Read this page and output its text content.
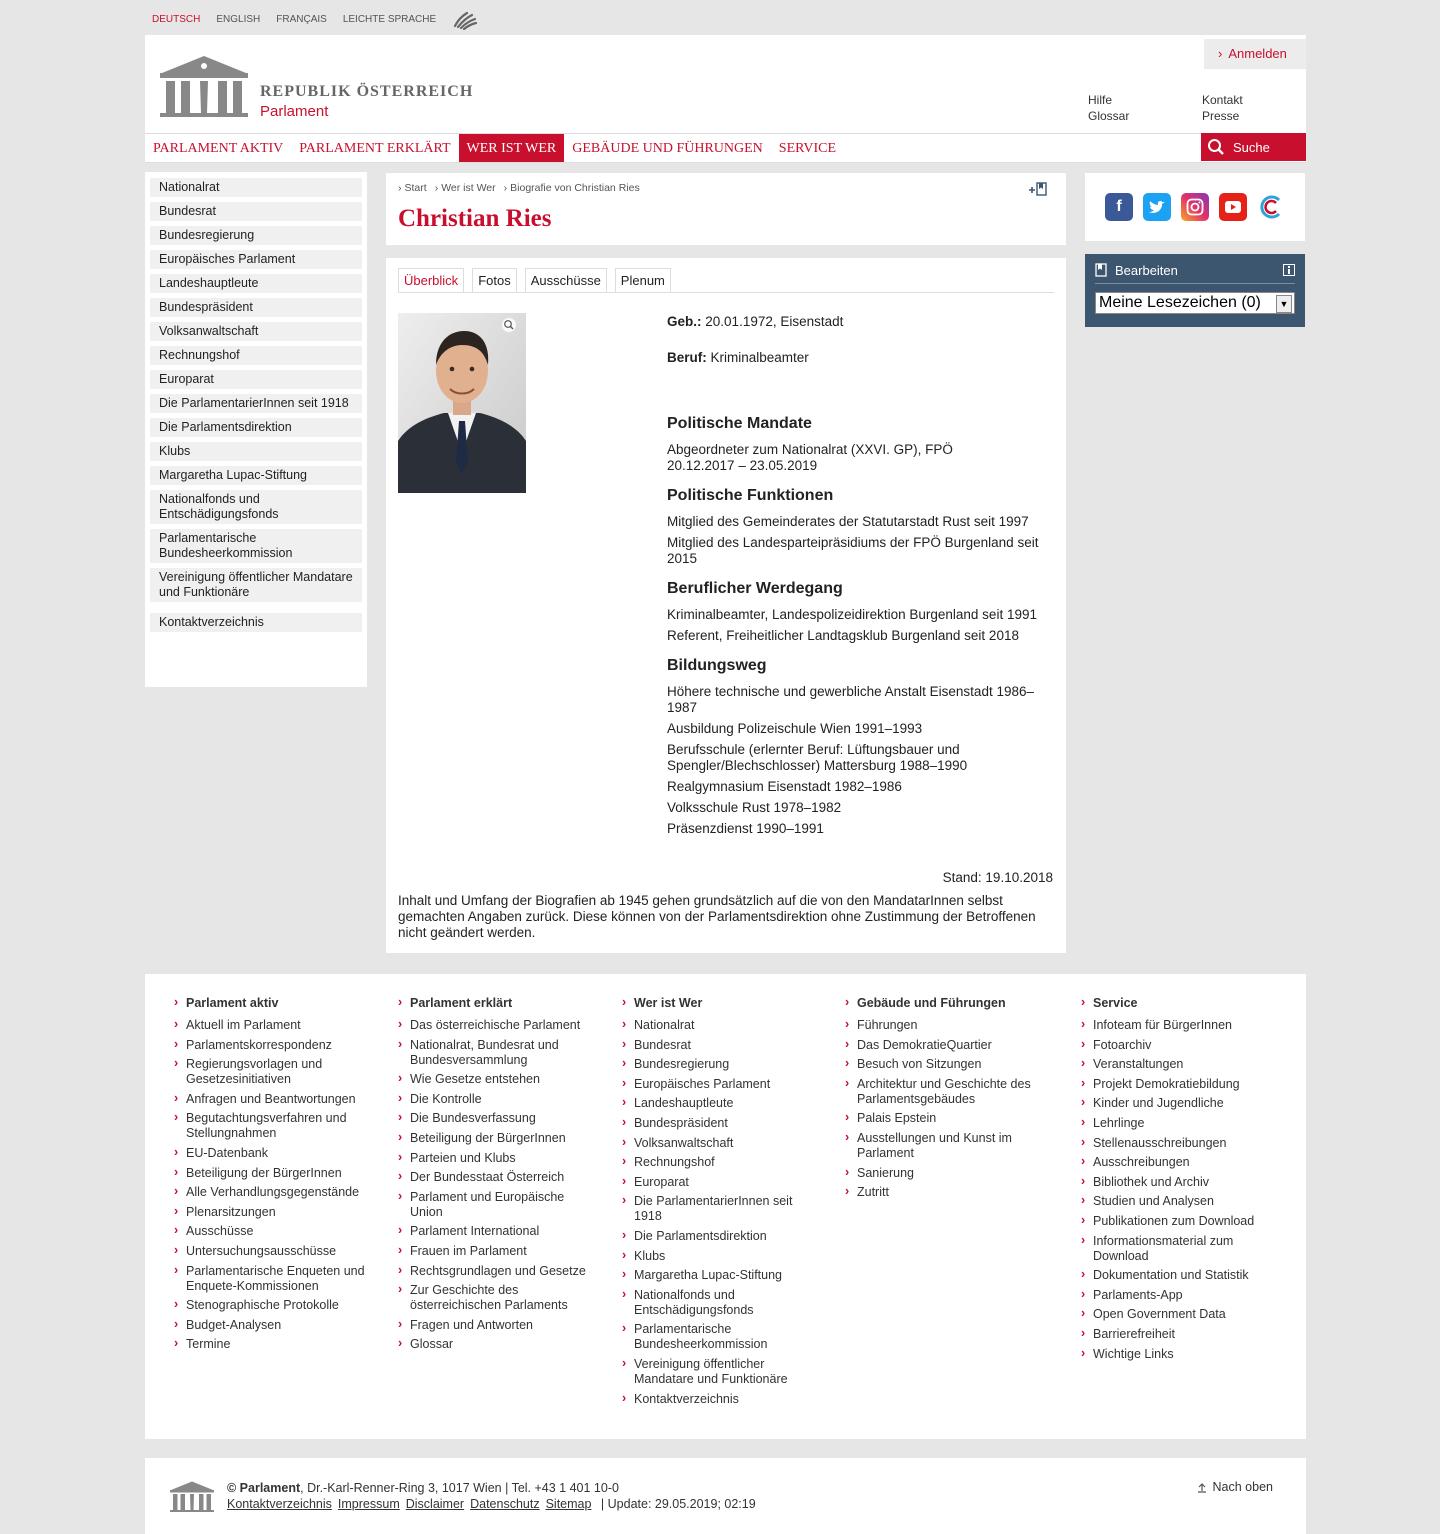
DEUTSCH ENGLISH FRANÇAIS LEICHTE SPRACHE
REPUBLIK ÖSTERREICH
Parlament
› Anmelden
Hilfe
Glossar
Kontakt
Presse
PARLAMENT AKTIV	PARLAMENT ERKLÄRT	WER IST WER	GEBÄUDE UND FÜHRUNGEN	SERVICE	Suche
Nationalrat
Bundesrat
Bundesregierung
Europäisches Parlament
Landeshauptleute
Bundespräsident
Volksanwaltschaft
Rechnungshof
Europarat
Die ParlamentarierInnen seit 1918
Die Parlamentsdirektion
Klubs
Margaretha Lupac-Stiftung
Nationalfonds und Entschädigungsfonds
Parlamentarische Bundesheerkommission
Vereinigung öffentlicher Mandatare und Funktionäre
Kontaktverzeichnis
› Start › Wer ist Wer › Biografie von Christian Ries
Christian Ries
Überblick	Fotos	Ausschüsse	Plenum

Geb.: 20.01.1972, Eisenstadt

Beruf: Kriminalbeamter

Politische Mandate

Abgeordneter zum Nationalrat (XXVI. GP), FPÖ

20.12.2017 – 23.05.2019

Politische Funktionen

Mitglied des Gemeinderates der Statutarstadt Rust seit 1997

Mitglied des Landesparteipräsidiums der FPÖ Burgenland seit 2015

Beruflicher Werdegang

Kriminalbeamter, Landespolizeidirektion Burgenland seit 1991

Referent, Freiheitlicher Landtagsklub Burgenland seit 2018

Bildungsweg

Höhere technische und gewerbliche Anstalt Eisenstadt 1986–1987

Ausbildung Polizeischule Wien 1991–1993

Berufsschule (erlernter Beruf: Lüftungsbauer und Spengler/Blechschlosser) Mattersburg 1988–1990

Realgymnasium Eisenstadt 1982–1986

Volksschule Rust 1978–1982

Präsenzdienst 1990–1991

Stand: 19.10.2018
Inhalt und Umfang der Biografien ab 1945 gehen grundsätzlich auf die von den MandatarInnen selbst gemachten Angaben zurück. Diese können von der Parlamentsdirektion ohne Zustimmung der Betroffenen nicht geändert werden.
f
Bearbeiten
Meine Lesezeichen (0)	▼
› Parlament aktiv
› Aktuell im Parlament
› Parlamentskorrespondenz
› Regierungsvorlagen und Gesetzesinitiativen
› Anfragen und Beantwortungen
› Begutachtungsverfahren und Stellungnahmen
› EU-Datenbank
› Beteiligung der BürgerInnen
› Alle Verhandlungsgegenstände
› Plenarsitzungen
› Ausschüsse
› Untersuchungsausschüsse
› Parlamentarische Enqueten und Enquete-Kommissionen
› Stenographische Protokolle
› Budget-Analysen
› Termine
› Parlament erklärt
› Das österreichische Parlament
› Nationalrat, Bundesrat und Bundesversammlung
› Wie Gesetze entstehen
› Die Kontrolle
› Die Bundesverfassung
› Beteiligung der BürgerInnen
› Parteien und Klubs
› Der Bundesstaat Österreich
› Parlament und Europäische Union
› Parlament International
› Frauen im Parlament
› Rechtsgrundlagen und Gesetze
› Zur Geschichte des österreichischen Parlaments
› Fragen und Antworten
› Glossar
› Wer ist Wer
› Nationalrat
› Bundesrat
› Bundesregierung
› Europäisches Parlament
› Landeshauptleute
› Bundespräsident
› Volksanwaltschaft
› Rechnungshof
› Europarat
› Die ParlamentarierInnen seit 1918
› Die Parlamentsdirektion
› Klubs
› Margaretha Lupac-Stiftung
› Nationalfonds und Entschädigungsfonds
› Parlamentarische Bundesheerkommission
› Vereinigung öffentlicher Mandatare und Funktionäre
› Kontaktverzeichnis
› Gebäude und Führungen
› Führungen
› Das DemokratieQuartier
› Besuch von Sitzungen
› Architektur und Geschichte des Parlamentsgebäudes
› Palais Epstein
› Ausstellungen und Kunst im Parlament
› Sanierung
› Zutritt
› Service
› Infoteam für BürgerInnen
› Fotoarchiv
› Veranstaltungen
› Projekt Demokratiebildung
› Kinder und Jugendliche
› Lehrlinge
› Stellenausschreibungen
› Ausschreibungen
› Bibliothek und Archiv
› Studien und Analysen
› Publikationen zum Download
› Informationsmaterial zum Download
› Dokumentation und Statistik
› Parlaments-App
› Open Government Data
› Barrierefreiheit
› Wichtige Links
© Parlament, Dr.-Karl-Renner-Ring 3, 1017 Wien | Tel. +43 1 401 10-0
Kontaktverzeichnis Impressum Disclaimer Datenschutz Sitemap | Update: 29.05.2019; 02:19
Nach oben
